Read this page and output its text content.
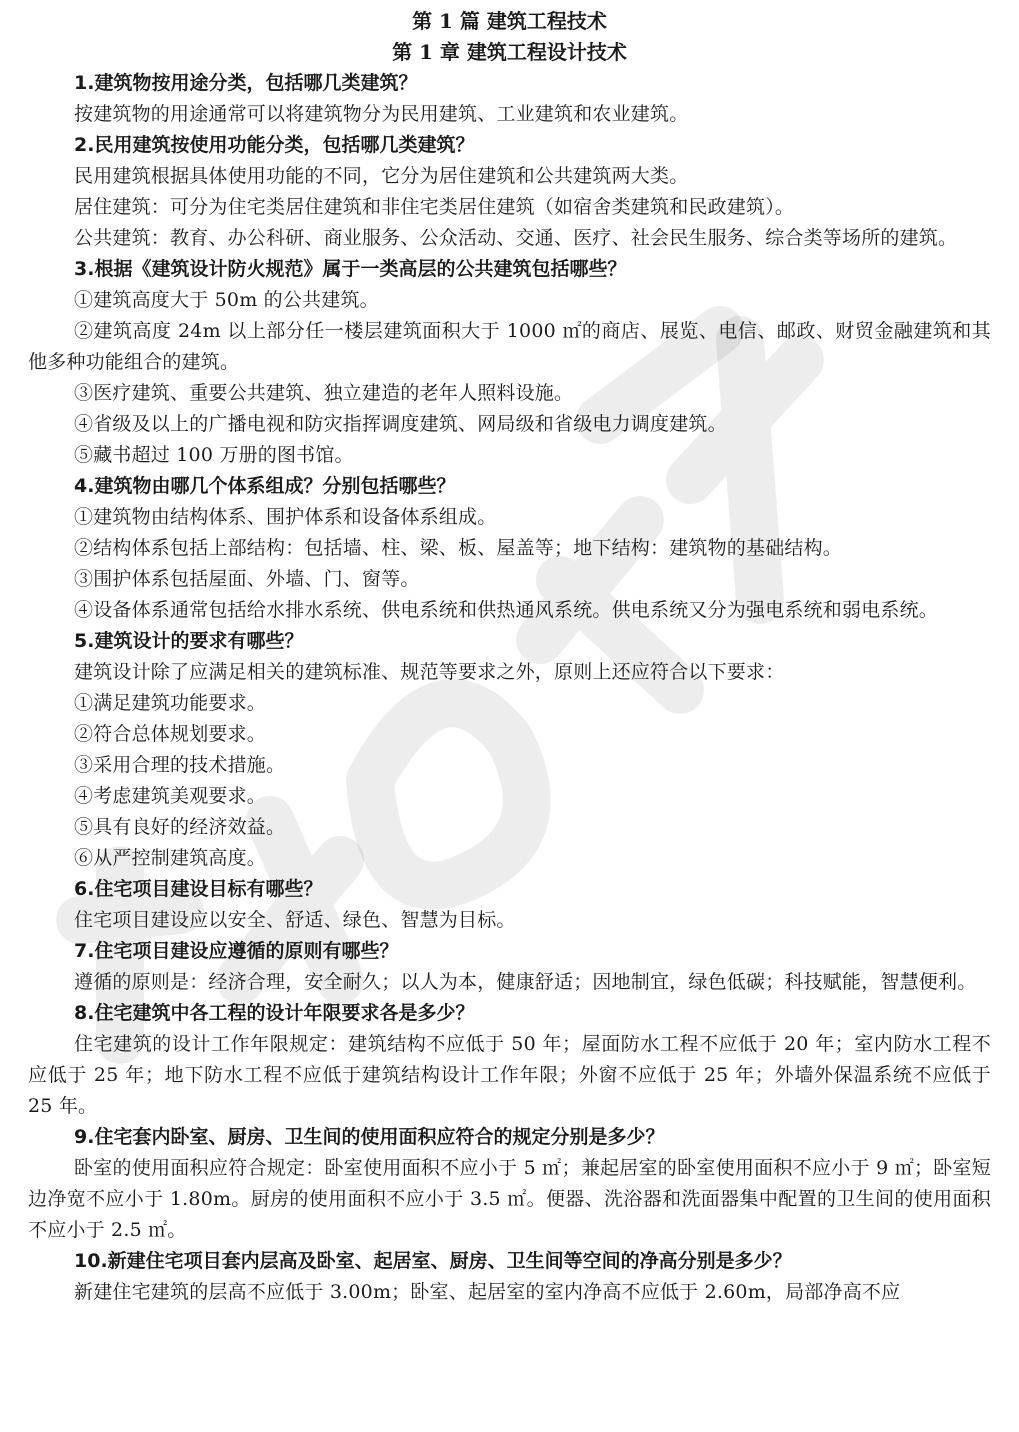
第 1 篇 建筑工程技术

第 1 章 建筑工程设计技术

1.建筑物按用途分类，包括哪几类建筑？

按建筑物的用途通常可以将建筑物分为民用建筑、工业建筑和农业建筑。

2.民用建筑按使用功能分类，包括哪几类建筑？

民用建筑根据具体使用功能的不同，它分为居住建筑和公共建筑两大类。

居住建筑：可分为住宅类居住建筑和非住宅类居住建筑（如宿舍类建筑和民政建筑）。

公共建筑：教育、办公科研、商业服务、公众活动、交通、医疗、社会民生服务、综合类等场所的建筑。

3.根据《建筑设计防火规范》属于一类高层的公共建筑包括哪些？

①建筑高度大于 50m 的公共建筑。

②建筑高度 24m 以上部分任一楼层建筑面积大于 1000 ㎡的商店、展览、电信、邮政、财贸金融建筑和其他多种功能组合的建筑。

③医疗建筑、重要公共建筑、独立建造的老年人照料设施。

④省级及以上的广播电视和防灾指挥调度建筑、网局级和省级电力调度建筑。

⑤藏书超过 100 万册的图书馆。

4.建筑物由哪几个体系组成？分别包括哪些？

①建筑物由结构体系、围护体系和设备体系组成。

②结构体系包括上部结构：包括墙、柱、梁、板、屋盖等；地下结构：建筑物的基础结构。

③围护体系包括屋面、外墙、门、窗等。

④设备体系通常包括给水排水系统、供电系统和供热通风系统。供电系统又分为强电系统和弱电系统。

5.建筑设计的要求有哪些？

建筑设计除了应满足相关的建筑标准、规范等要求之外，原则上还应符合以下要求：

①满足建筑功能要求。

②符合总体规划要求。

③采用合理的技术措施。

④考虑建筑美观要求。

⑤具有良好的经济效益。

⑥从严控制建筑高度。

6.住宅项目建设目标有哪些？

住宅项目建设应以安全、舒适、绿色、智慧为目标。

7.住宅项目建设应遵循的原则有哪些？

遵循的原则是：经济合理，安全耐久；以人为本，健康舒适；因地制宜，绿色低碳；科技赋能，智慧便利。

8.住宅建筑中各工程的设计年限要求各是多少？

住宅建筑的设计工作年限规定：建筑结构不应低于 50 年；屋面防水工程不应低于 20 年；室内防水工程不应低于 25 年；地下防水工程不应低于建筑结构设计工作年限；外窗不应低于 25 年；外墙外保温系统不应低于 25 年。

9.住宅套内卧室、厨房、卫生间的使用面积应符合的规定分别是多少？

卧室的使用面积应符合规定：卧室使用面积不应小于 5 ㎡；兼起居室的卧室使用面积不应小于 9 ㎡；卧室短边净宽不应小于 1.80m。厨房的使用面积不应小于 3.5 ㎡。便器、洗浴器和洗面器集中配置的卫生间的使用面积不应小于 2.5 ㎡。

10.新建住宅项目套内层高及卧室、起居室、厨房、卫生间等空间的净高分别是多少？

新建住宅建筑的层高不应低于 3.00m；卧室、起居室的室内净高不应低于 2.60m，局部净高不应
